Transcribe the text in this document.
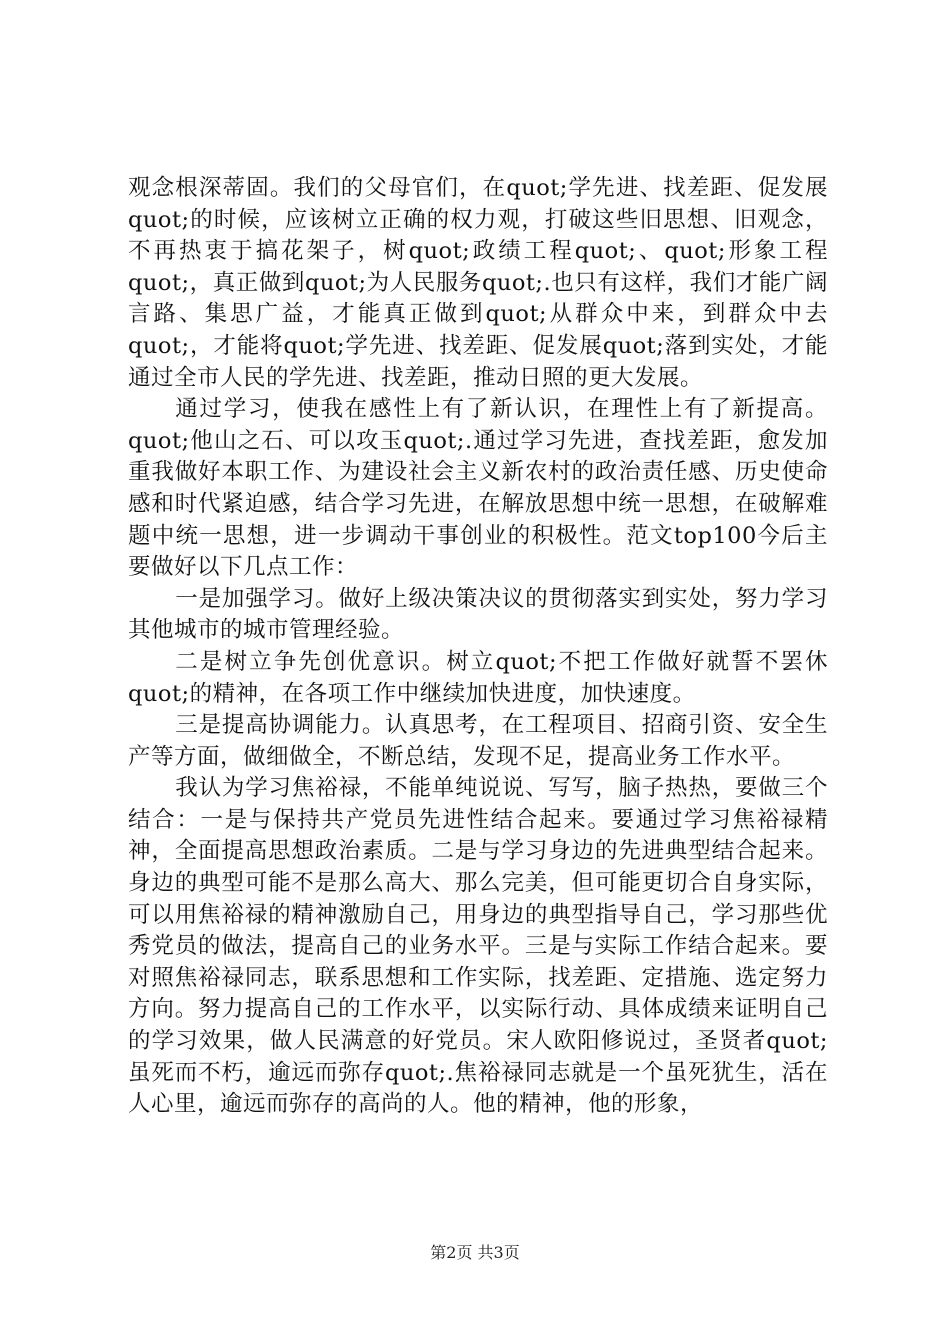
观念根深蒂固。我们的父母官们，在quot;学先进、找差距、促发展quot;的时候，应该树立正确的权力观，打破这些旧思想、旧观念，不再热衷于搞花架子，树quot;政绩工程quot;、quot;形象工程quot;，真正做到quot;为人民服务quot;.也只有这样，我们才能广阔言路、集思广益，才能真正做到quot;从群众中来，到群众中去quot;，才能将quot;学先进、找差距、促发展quot;落到实处，才能通过全市人民的学先进、找差距，推动日照的更大发展。

通过学习，使我在感性上有了新认识，在理性上有了新提高。quot;他山之石、可以攻玉quot;.通过学习先进，查找差距，愈发加重我做好本职工作、为建设社会主义新农村的政治责任感、历史使命感和时代紧迫感，结合学习先进，在解放思想中统一思想，在破解难题中统一思想，进一步调动干事创业的积极性。范文top100今后主要做好以下几点工作：

一是加强学习。做好上级决策决议的贯彻落实到实处，努力学习其他城市的城市管理经验。

二是树立争先创优意识。树立quot;不把工作做好就誓不罢休quot;的精神，在各项工作中继续加快进度，加快速度。

三是提高协调能力。认真思考，在工程项目、招商引资、安全生产等方面，做细做全，不断总结，发现不足，提高业务工作水平。

我认为学习焦裕禄，不能单纯说说、写写，脑子热热，要做三个结合：一是与保持共产党员先进性结合起来。要通过学习焦裕禄精神，全面提高思想政治素质。二是与学习身边的先进典型结合起来。身边的典型可能不是那么高大、那么完美，但可能更切合自身实际，可以用焦裕禄的精神激励自己，用身边的典型指导自己，学习那些优秀党员的做法，提高自己的业务水平。三是与实际工作结合起来。要对照焦裕禄同志，联系思想和工作实际，找差距、定措施、选定努力方向。努力提高自己的工作水平，以实际行动、具体成绩来证明自己的学习效果，做人民满意的好党员。宋人欧阳修说过，圣贤者quot;虽死而不朽，逾远而弥存quot;.焦裕禄同志就是一个虽死犹生，活在人心里，逾远而弥存的高尚的人。他的精神，他的形象，

第2页 共3页
